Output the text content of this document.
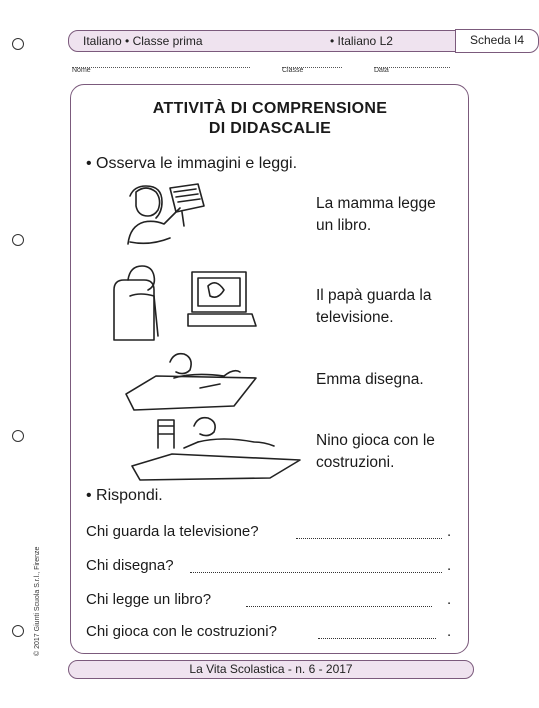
Italiano • Classe prima	• Italiano L2	Scheda I4
Nome	Classe	Data
ATTIVITÀ DI COMPRENSIONE
DI DIDASCALIE
• Osserva le immagini e leggi.
La mamma legge
un libro.
Il papà guarda la
televisione.
Emma disegna.
Nino gioca con le
costruzioni.
• Rispondi.
Chi guarda la televisione?	.
Chi disegna?	.
Chi legge un libro?	.
Chi gioca con le costruzioni?	.
© 2017 Giunti Scuola S.r.l., Firenze
La Vita Scolastica - n. 6 - 2017
